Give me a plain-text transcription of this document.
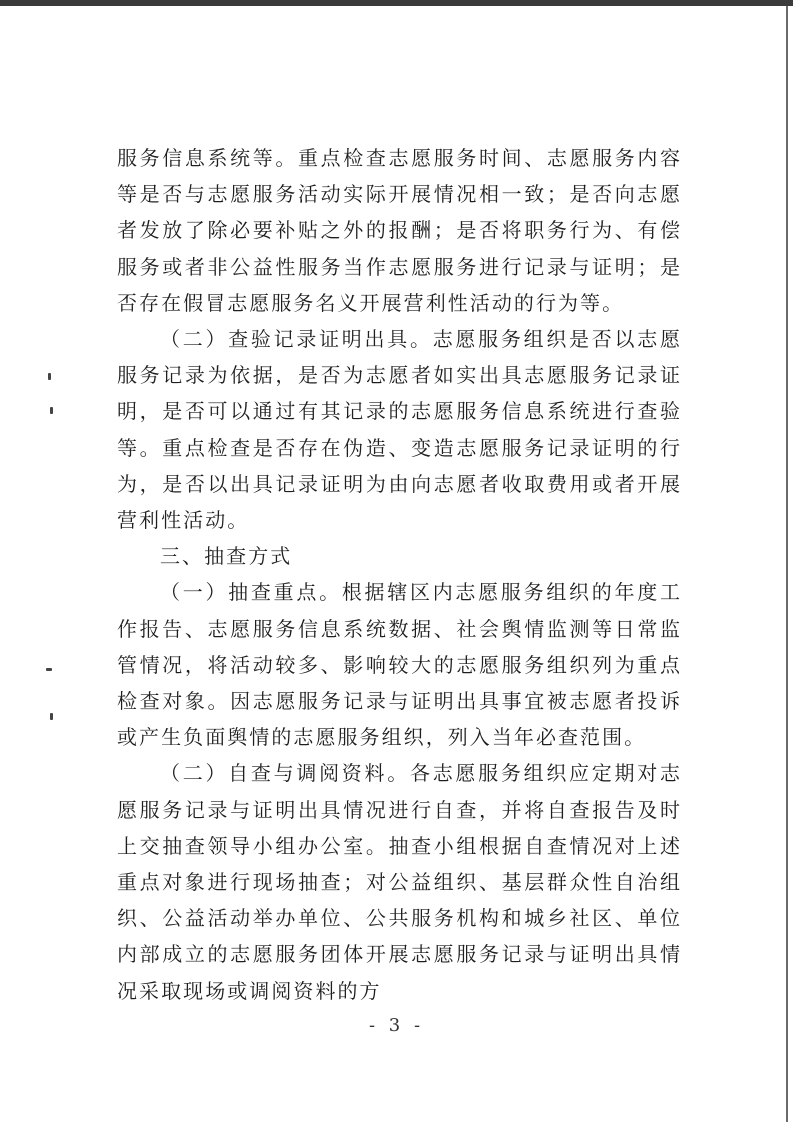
服务信息系统等。重点检查志愿服务时间、志愿服务内容等是否与志愿服务活动实际开展情况相一致；是否向志愿者发放了除必要补贴之外的报酬；是否将职务行为、有偿服务或者非公益性服务当作志愿服务进行记录与证明；是否存在假冒志愿服务名义开展营利性活动的行为等。

（二）查验记录证明出具。志愿服务组织是否以志愿服务记录为依据，是否为志愿者如实出具志愿服务记录证明，是否可以通过有其记录的志愿服务信息系统进行查验等。重点检查是否存在伪造、变造志愿服务记录证明的行为，是否以出具记录证明为由向志愿者收取费用或者开展营利性活动。

三、抽查方式

（一）抽查重点。根据辖区内志愿服务组织的年度工作报告、志愿服务信息系统数据、社会舆情监测等日常监管情况，将活动较多、影响较大的志愿服务组织列为重点检查对象。因志愿服务记录与证明出具事宜被志愿者投诉或产生负面舆情的志愿服务组织，列入当年必查范围。

（二）自查与调阅资料。各志愿服务组织应定期对志愿服务记录与证明出具情况进行自查，并将自查报告及时上交抽查领导小组办公室。抽查小组根据自查情况对上述重点对象进行现场抽查；对公益组织、基层群众性自治组织、公益活动举办单位、公共服务机构和城乡社区、单位内部成立的志愿服务团体开展志愿服务记录与证明出具情况采取现场或调阅资料的方

- 3 -
